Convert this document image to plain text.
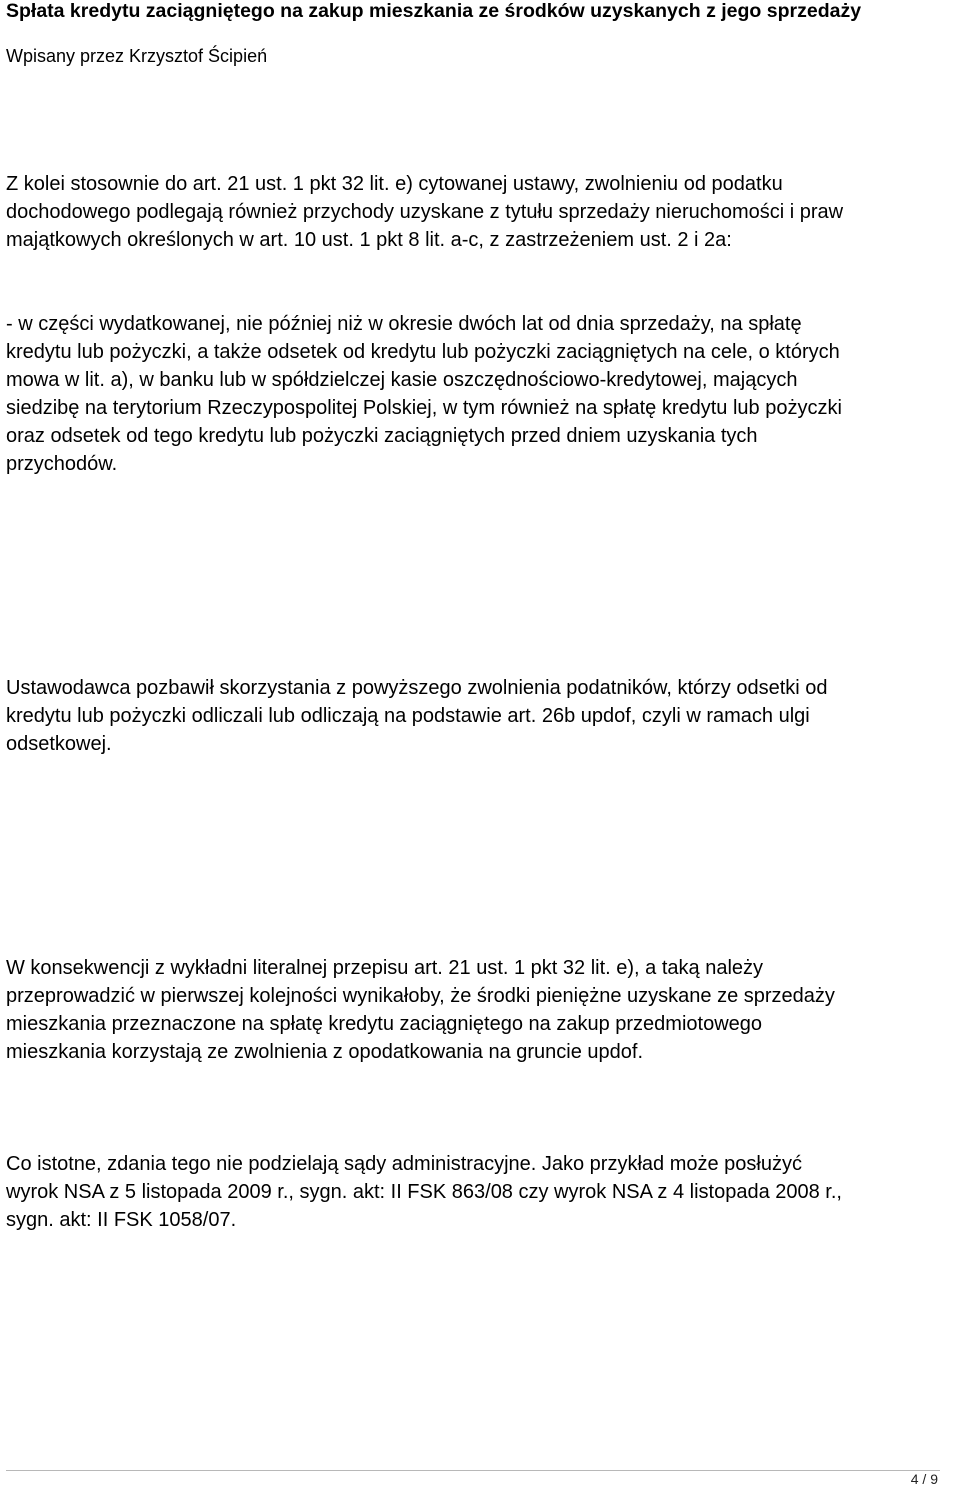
Spłata kredytu zaciągniętego na zakup mieszkania ze środków uzyskanych z jego sprzedaży
Wpisany przez Krzysztof Ścipień

Z kolei stosownie do art. 21 ust. 1 pkt 32 lit. e) cytowanej ustawy, zwolnieniu od podatku
dochodowego podlegają również przychody uzyskane z tytułu sprzedaży nieruchomości i praw
majątkowych określonych w art. 10 ust. 1 pkt 8 lit. a-c, z zastrzeżeniem ust. 2 i 2a:

- w części wydatkowanej, nie później niż w okresie dwóch lat od dnia sprzedaży, na spłatę
kredytu lub pożyczki, a także odsetek od kredytu lub pożyczki zaciągniętych na cele, o których
mowa w lit. a), w banku lub w spółdzielczej kasie oszczędnościowo-kredytowej, mających
siedzibę na terytorium Rzeczypospolitej Polskiej, w tym również na spłatę kredytu lub pożyczki
oraz odsetek od tego kredytu lub pożyczki zaciągniętych przed dniem uzyskania tych
przychodów.

Ustawodawca pozbawił skorzystania z powyższego zwolnienia podatników, którzy odsetki od
kredytu lub pożyczki odliczali lub odliczają na podstawie art. 26b updof, czyli w ramach ulgi
odsetkowej.

W konsekwencji z wykładni literalnej przepisu art. 21 ust. 1 pkt 32 lit. e), a taką należy
przeprowadzić w pierwszej kolejności wynikałoby, że środki pieniężne uzyskane ze sprzedaży
mieszkania przeznaczone na spłatę kredytu zaciągniętego na zakup przedmiotowego
mieszkania korzystają ze zwolnienia z opodatkowania na gruncie updof.

Co istotne, zdania tego nie podzielają sądy administracyjne. Jako przykład może posłużyć
wyrok NSA z 5 listopada 2009 r., sygn. akt: II FSK 863/08 czy wyrok NSA z 4 listopada 2008 r.,
sygn. akt: II FSK 1058/07.

4 / 9
